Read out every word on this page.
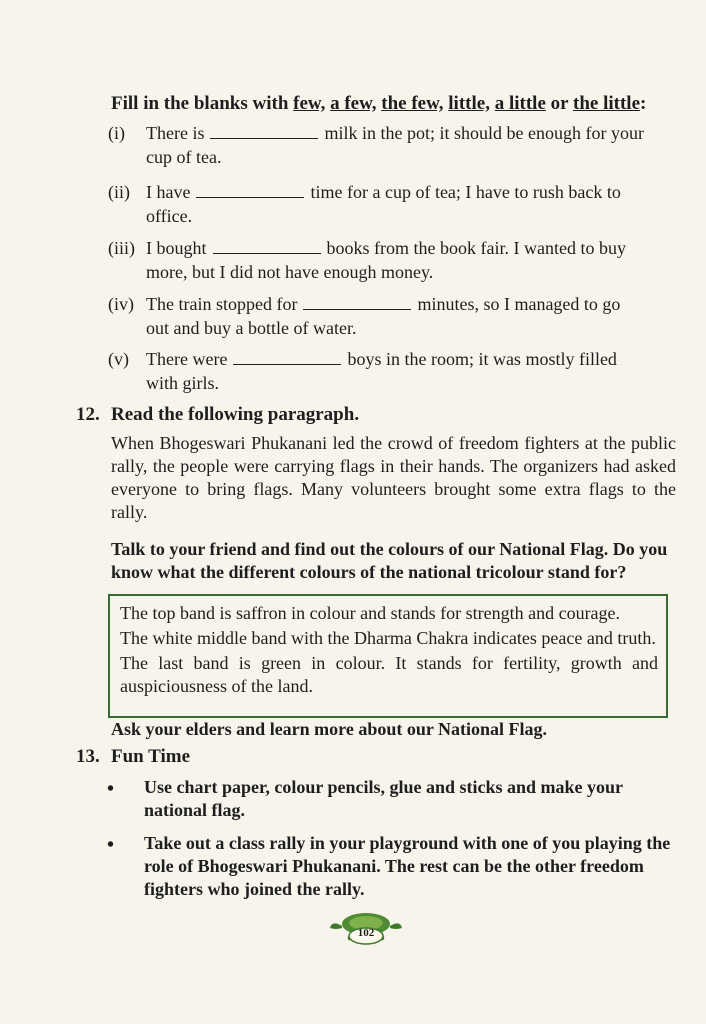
Fill in the blanks with few, a few, the few, little, a little or the little:
(i) There is	milk in the pot; it should be enough for your
cup of tea.
(ii) I have	time for a cup of tea; I have to rush back to
office.
(iii) I bought	books from the book fair. I wanted to buy
more, but I did not have enough money.
(iv) The train stopped for	minutes, so I managed to go
out and buy a bottle of water.
(v) There were	boys in the room; it was mostly filled
with girls.
12. Read the following paragraph.
When Bhogeswari Phukanani led the crowd of freedom fighters at the public rally, the people were carrying flags in their hands. The organizers had asked everyone to bring flags. Many volunteers brought some extra flags to the rally.
Talk to your friend and find out the colours of our National Flag. Do you know what the different colours of the national tricolour stand for?

The top band is saffron in colour and stands for strength and courage.

The white middle band with the Dharma Chakra indicates peace and truth.

The last band is green in colour. It stands for fertility, growth and auspiciousness of the land.

Ask your elders and learn more about our National Flag.
13. Fun Time
• Use chart paper, colour pencils, glue and sticks and make your national flag.
• Take out a class rally in your playground with one of you playing the role of Bhogeswari Phukanani. The rest can be the other freedom fighters who joined the rally.
102
